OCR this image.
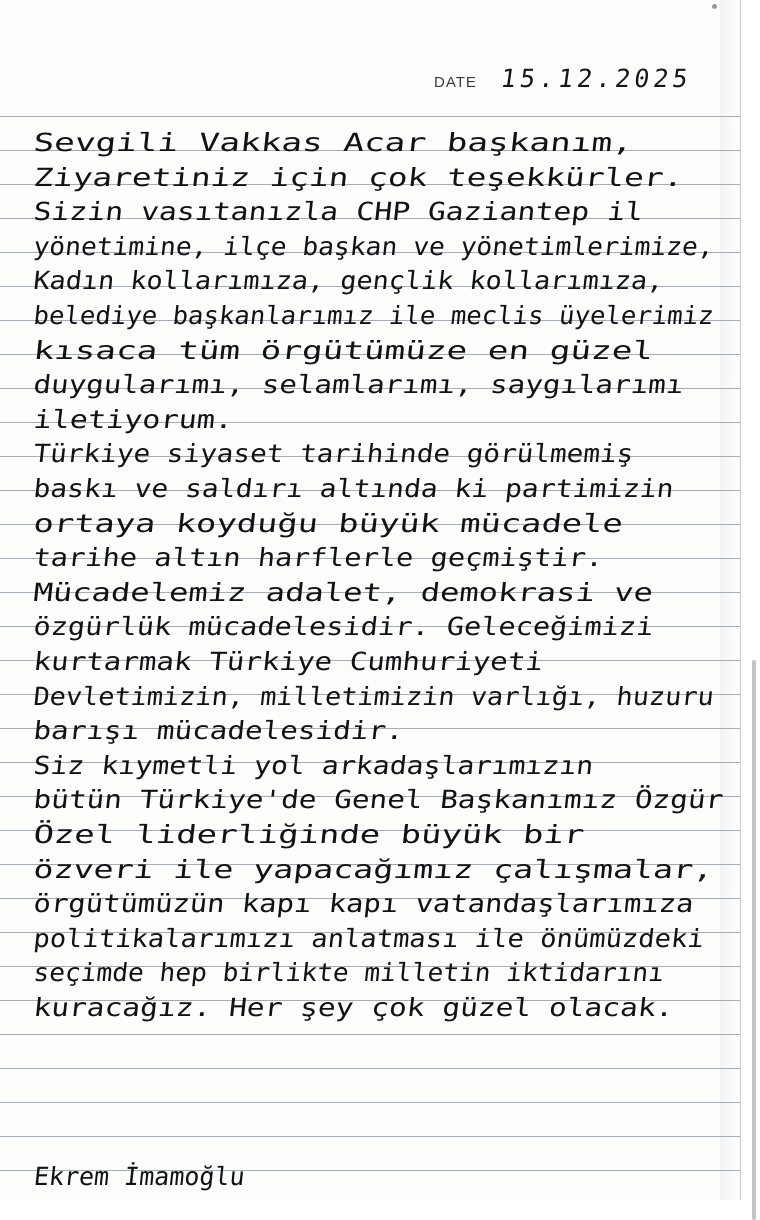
DATE 15.12.2025
Sevgili Vakkas Acar başkanım,
Ziyaretiniz için çok teşekkürler.
Sizin vasıtanızla CHP Gaziantep il
yönetimine, ilçe başkan ve yönetimlerimize,
Kadın kollarımıza, gençlik kollarımıza,
belediye başkanlarımız ile meclis üyelerimiz
kısaca tüm örgütümüze en güzel
duygularımı, selamlarımı, saygılarımı
iletiyorum.
Türkiye siyaset tarihinde görülmemiş
baskı ve saldırı altında ki partimizin
ortaya koyduğu büyük mücadele
tarihe altın harflerle geçmiştir.
Mücadelemiz adalet, demokrasi ve
özgürlük mücadelesidir. Geleceğimizi
kurtarmak Türkiye Cumhuriyeti
Devletimizin, milletimizin varlığı, huzuru
barışı mücadelesidir.
Siz kıymetli yol arkadaşlarımızın
bütün Türkiye'de Genel Başkanımız Özgür
Özel liderliğinde büyük bir
özveri ile yapacağımız çalışmalar,
örgütümüzün kapı kapı vatandaşlarımıza
politikalarımızı anlatması ile önümüzdeki
seçimde hep birlikte milletin iktidarını
kuracağız. Her şey çok güzel olacak.
Ekrem İmamoğlu
